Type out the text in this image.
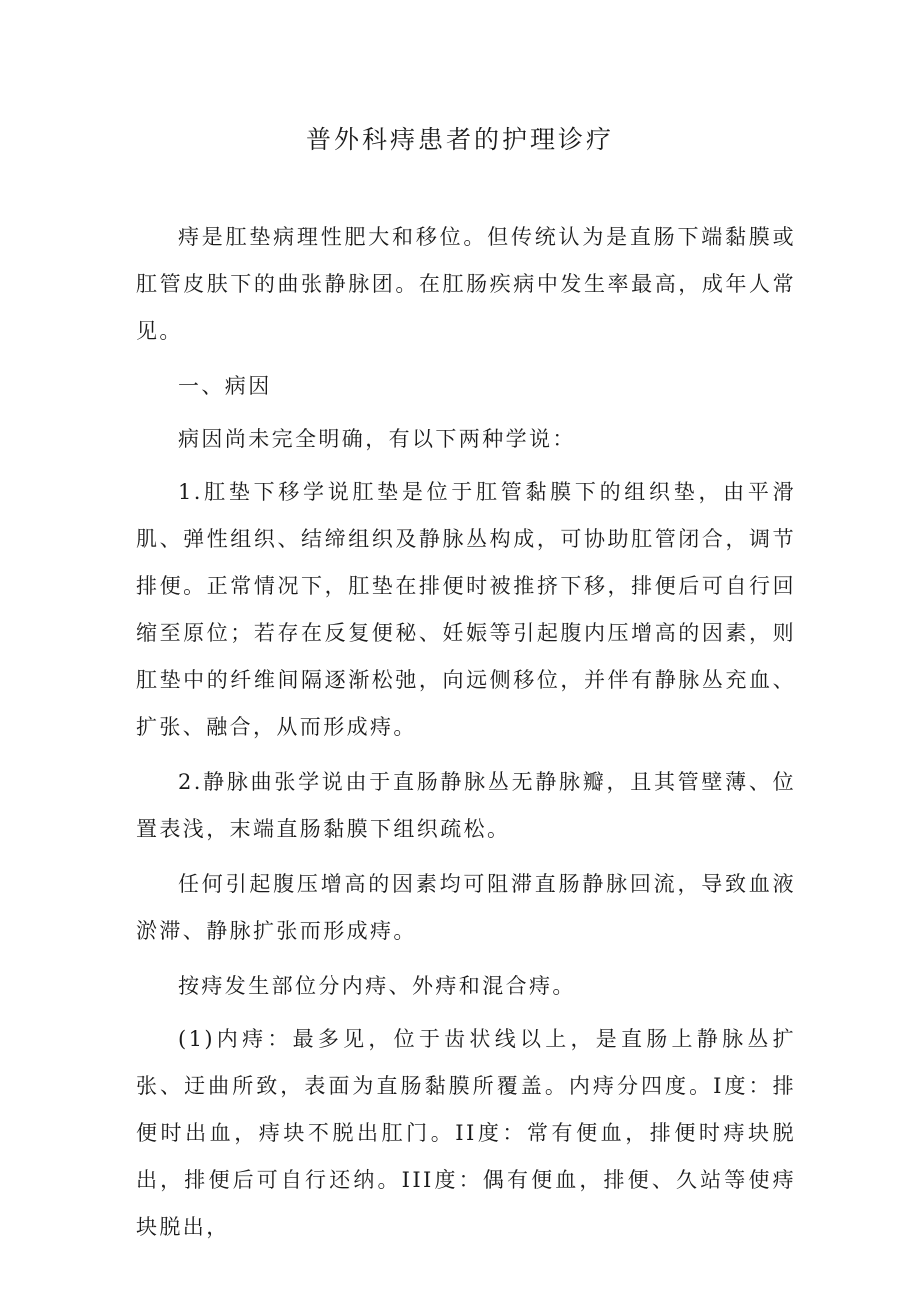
普外科痔患者的护理诊疗

痔是肛垫病理性肥大和移位。但传统认为是直肠下端黏膜或肛管皮肤下的曲张静脉团。在肛肠疾病中发生率最高，成年人常见。

一、病因

病因尚未完全明确，有以下两种学说：

1.肛垫下移学说肛垫是位于肛管黏膜下的组织垫，由平滑肌、弹性组织、结缔组织及静脉丛构成，可协助肛管闭合，调节排便。正常情况下，肛垫在排便时被推挤下移，排便后可自行回缩至原位；若存在反复便秘、妊娠等引起腹内压增高的因素，则肛垫中的纤维间隔逐渐松弛，向远侧移位，并伴有静脉丛充血、扩张、融合，从而形成痔。

2.静脉曲张学说由于直肠静脉丛无静脉瓣，且其管壁薄、位置表浅，末端直肠黏膜下组织疏松。

任何引起腹压增高的因素均可阻滞直肠静脉回流，导致血液淤滞、静脉扩张而形成痔。

按痔发生部位分内痔、外痔和混合痔。

(1)内痔：最多见，位于齿状线以上，是直肠上静脉丛扩张、迂曲所致，表面为直肠黏膜所覆盖。内痔分四度。I度：排便时出血，痔块不脱出肛门。II度：常有便血，排便时痔块脱出，排便后可自行还纳。III度：偶有便血，排便、久站等使痔块脱出，
